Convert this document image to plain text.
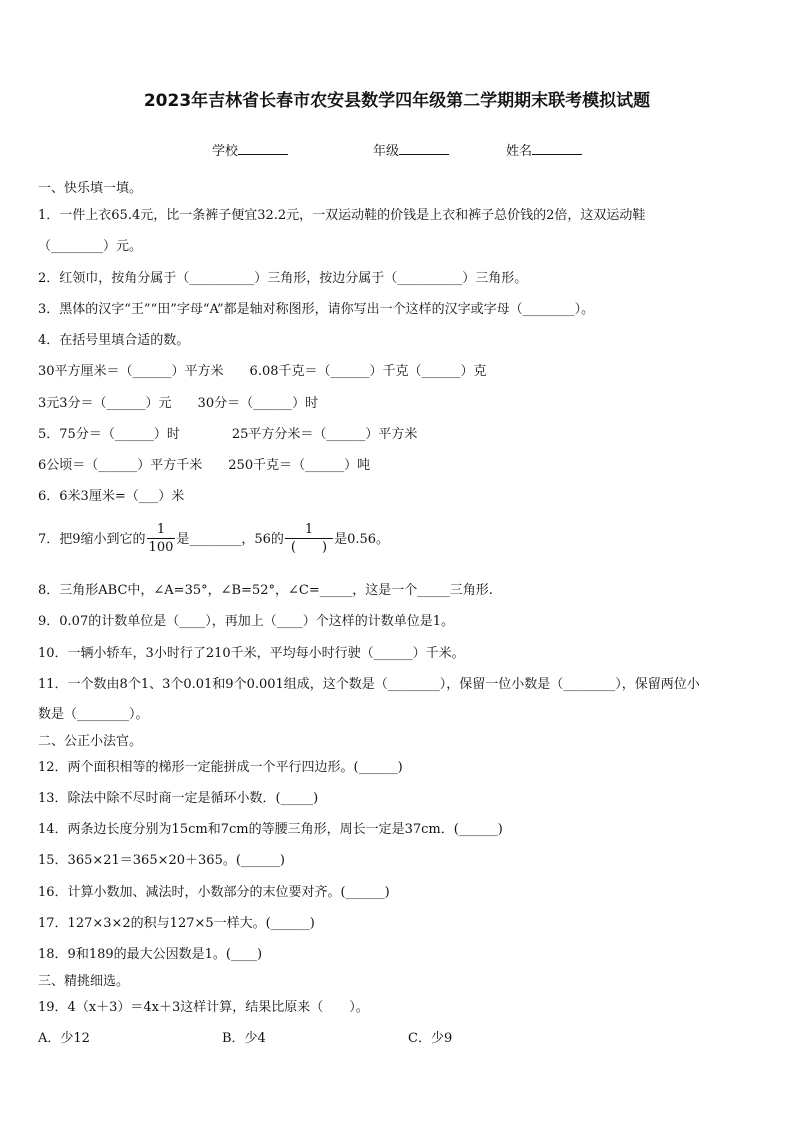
2023年吉林省长春市农安县数学四年级第二学期期末联考模拟试题
学校	年级	姓名
一、快乐填一填。
1．一件上衣65.4元，比一条裤子便宜32.2元，一双运动鞋的价钱是上衣和裤子总价钱的2倍，这双运动鞋
（________）元。
2．红领巾，按角分属于（__________）三角形，按边分属于（__________）三角形。
3．黑体的汉字“王”“田”字母“A”都是轴对称图形，请你写出一个这样的汉字或字母（________）。
4．在括号里填合适的数。
30平方厘米＝（______）平方米　　6.08千克＝（______）千克（______）克
3元3分＝（______）元　　30分＝（______）时
5．75分＝（______）时　　　　25平方分米＝（______）平方米
6公顷＝（______）平方千米　　250千克＝（______）吨
6．6米3厘米=（___）米
7．把9缩小到它的 $\frac{1}{100}$ 是________，56的 $\frac{1}{( )}$ 是0.56。
8．三角形ABC中，∠A=35°，∠B=52°，∠C=_____，这是一个_____三角形.
9．0.07的计数单位是（____），再加上（____）个这样的计数单位是1。
10．一辆小轿车，3小时行了210千米，平均每小时行驶（______）千米。
11．一个数由8个1、3个0.01和9个0.001组成，这个数是（________），保留一位小数是（________），保留两位小
数是（________）。
二、公正小法官。
12．两个面积相等的梯形一定能拼成一个平行四边形。(______)
13．除法中除不尽时商一定是循环小数．(_____)
14．两条边长度分别为15cm和7cm的等腰三角形，周长一定是37cm．(______)
15．365×21＝365×20＋365。(______)
16．计算小数加、减法时，小数部分的末位要对齐。(______)
17．127×3×2的积与127×5一样大。(______)
18．9和189的最大公因数是1。(____)
三、精挑细选。
19．4（x＋3）＝4x＋3这样计算，结果比原来（　　）。
A．少12	B．少4	C．少9
